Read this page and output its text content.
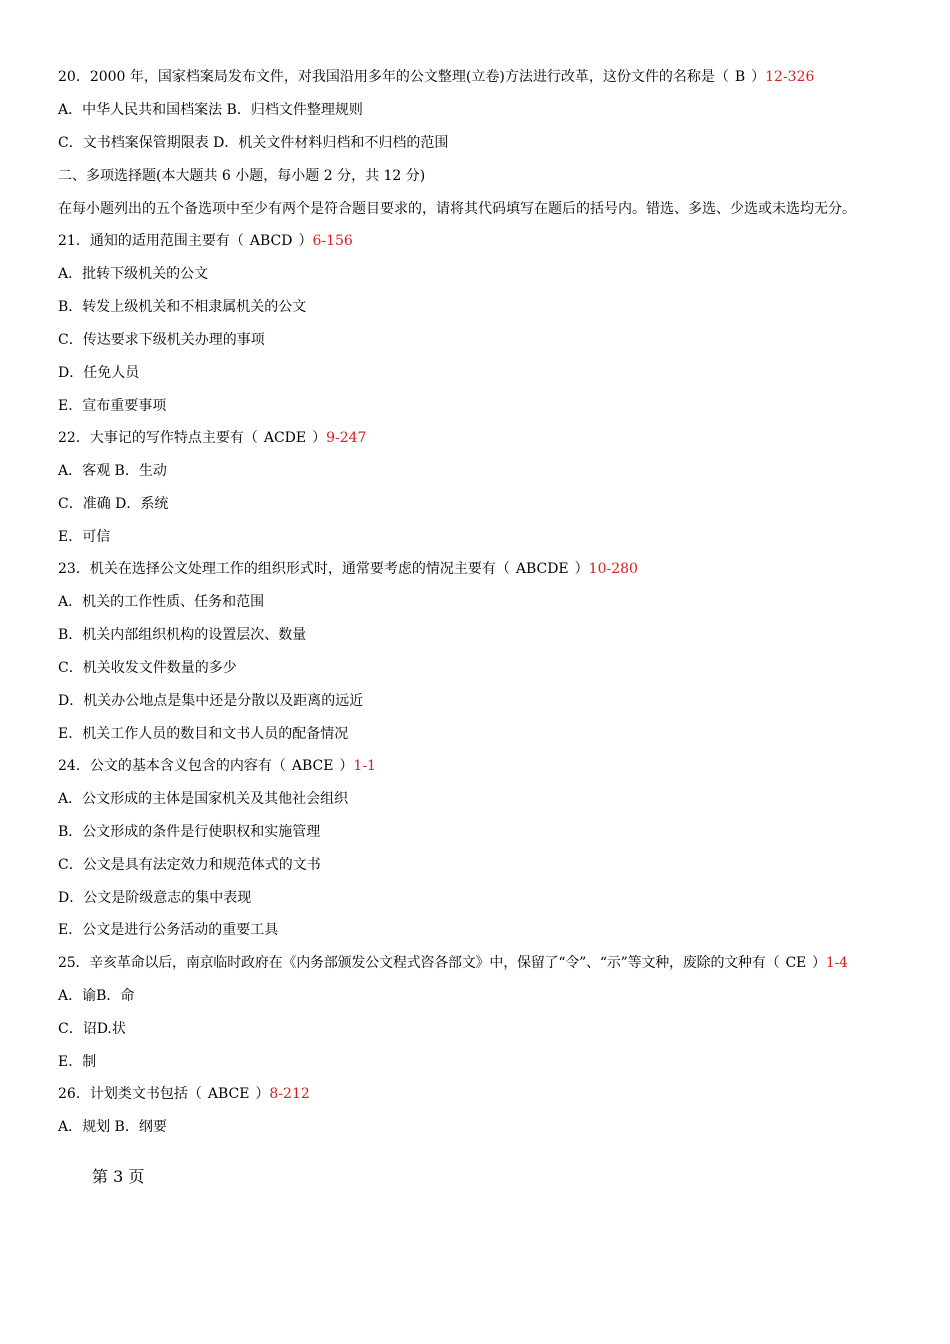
20．2000 年，国家档案局发布文件，对我国沿用多年的公文整理(立卷)方法进行改革，这份文件的名称是（ B ）12-326
A．中华人民共和国档案法 B．归档文件整理规则
C．文书档案保管期限表 D．机关文件材料归档和不归档的范围
二、多项选择题(本大题共 6 小题，每小题 2 分，共 12 分)
在每小题列出的五个备选项中至少有两个是符合题目要求的，请将其代码填写在题后的括号内。错选、多选、少选或未选均无分。
21．通知的适用范围主要有（ ABCD ）6-156
A．批转下级机关的公文
B．转发上级机关和不相隶属机关的公文
C．传达要求下级机关办理的事项
D．任免人员
E．宣布重要事项
22．大事记的写作特点主要有（ ACDE ）9-247
A．客观 B．生动
C．准确 D．系统
E．可信
23．机关在选择公文处理工作的组织形式时，通常要考虑的情况主要有（ ABCDE ）10-280
A．机关的工作性质、任务和范围
B．机关内部组织机构的设置层次、数量
C．机关收发文件数量的多少
D．机关办公地点是集中还是分散以及距离的远近
E．机关工作人员的数目和文书人员的配备情况
24．公文的基本含义包含的内容有（ ABCE ）1-1
A．公文形成的主体是国家机关及其他社会组织
B．公文形成的条件是行使职权和实施管理
C．公文是具有法定效力和规范体式的文书
D．公文是阶级意志的集中表现
E．公文是进行公务活动的重要工具
25．辛亥革命以后，南京临时政府在《内务部颁发公文程式咨各部文》中，保留了“令”、“示”等文种，废除的文种有（ CE ）1-4
A．谕B．命
C．诏D.状
E．制
26．计划类文书包括（ ABCE ）8-212
A．规划 B．纲要
第 3 页
